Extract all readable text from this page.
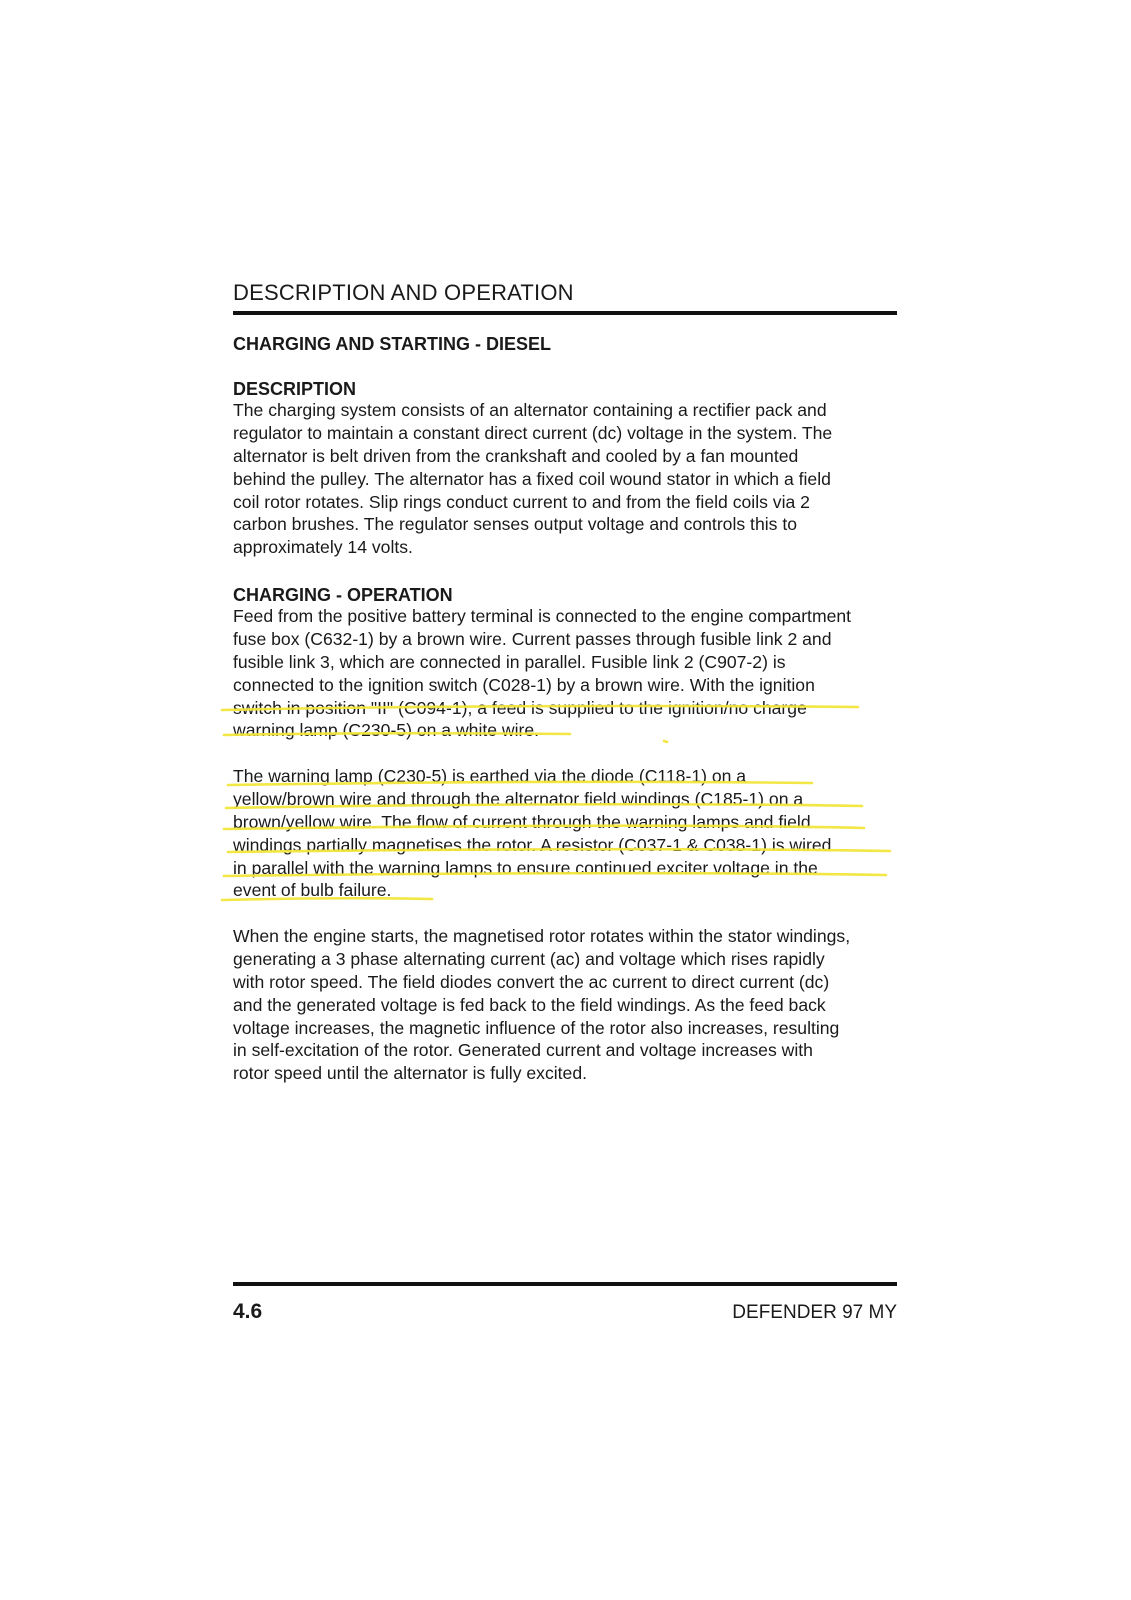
DESCRIPTION AND OPERATION
CHARGING AND STARTING - DIESEL
DESCRIPTION
The charging system consists of an alternator containing a rectifier pack and
regulator to maintain a constant direct current (dc) voltage in the system. The
alternator is belt driven from the crankshaft and cooled by a fan mounted
behind the pulley. The alternator has a fixed coil wound stator in which a field
coil rotor rotates. Slip rings conduct current to and from the field coils via 2
carbon brushes. The regulator senses output voltage and controls this to
approximately 14 volts.
CHARGING - OPERATION
Feed from the positive battery terminal is connected to the engine compartment
fuse box (C632-1) by a brown wire. Current passes through fusible link 2 and
fusible link 3, which are connected in parallel. Fusible link 2 (C907-2) is
connected to the ignition switch (C028-1) by a brown wire. With the ignition
switch in position "II" (C094-1), a feed is supplied to the ignition/no charge
warning lamp (C230-5) on a white wire.
The warning lamp (C230-5) is earthed via the diode (C118-1) on a
yellow/brown wire and through the alternator field windings (C185-1) on a
brown/yellow wire. The flow of current through the warning lamps and field
windings partially magnetises the rotor. A resistor (C037-1 & C038-1) is wired
in parallel with the warning lamps to ensure continued exciter voltage in the
event of bulb failure.
When the engine starts, the magnetised rotor rotates within the stator windings,
generating a 3 phase alternating current (ac) and voltage which rises rapidly
with rotor speed. The field diodes convert the ac current to direct current (dc)
and the generated voltage is fed back to the field windings. As the feed back
voltage increases, the magnetic influence of the rotor also increases, resulting
in self-excitation of the rotor. Generated current and voltage increases with
rotor speed until the alternator is fully excited.
4.6	DEFENDER 97 MY
